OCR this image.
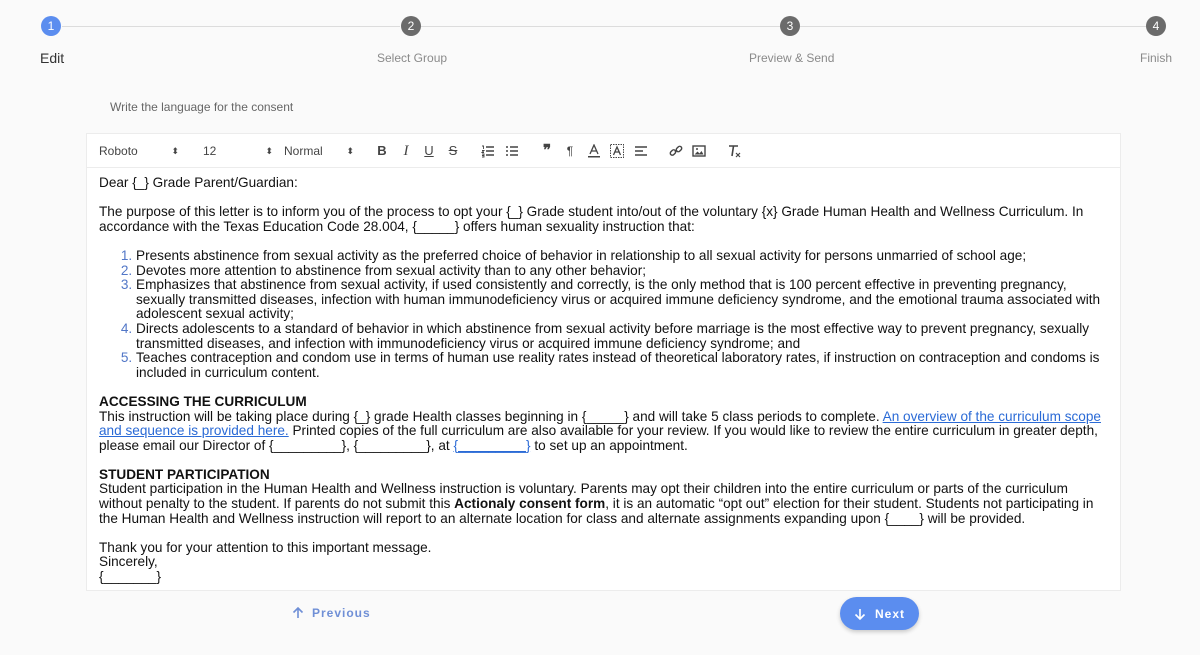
1	2	3	4
Edit	Select Group	Preview & Send	Finish
Write the language for the consent
Roboto	⬍ 12	⬍ Normal	⬍	B	I	U	S	❞	¶

Dear {_} Grade Parent/Guardian:

The purpose of this letter is to inform you of the process to opt your {_} Grade student into/out of the voluntary {x} Grade Human Health and Wellness Curriculum. In accordance with the Texas Education Code 28.004, {_____} offers human sexuality instruction that:

1. Presents abstinence from sexual activity as the preferred choice of behavior in relationship to all sexual activity for persons unmarried of school age;
2. Devotes more attention to abstinence from sexual activity than to any other behavior;
3. Emphasizes that abstinence from sexual activity, if used consistently and correctly, is the only method that is 100 percent effective in preventing pregnancy, sexually transmitted diseases, infection with human immunodeficiency virus or acquired immune deficiency syndrome, and the emotional trauma associated with adolescent sexual activity;
4. Directs adolescents to a standard of behavior in which abstinence from sexual activity before marriage is the most effective way to prevent pregnancy, sexually transmitted diseases, and infection with immunodeficiency virus or acquired immune deficiency syndrome; and
5. Teaches contraception and condom use in terms of human use reality rates instead of theoretical laboratory rates, if instruction on contraception and condoms is included in curriculum content.

ACCESSING THE CURRICULUM

This instruction will be taking place during {_} grade Health classes beginning in {_____} and will take 5 class periods to complete. An overview of the curriculum scope and sequence is provided here. Printed copies of the full curriculum are also available for your review. If you would like to review the entire curriculum in greater depth, please email our Director of {_________}, {_________}, at {_________} to set up an appointment.

STUDENT PARTICIPATION

Student participation in the Human Health and Wellness instruction is voluntary. Parents may opt their children into the entire curriculum or parts of the curriculum without penalty to the student. If parents do not submit this Actionaly consent form, it is an automatic “opt out” election for their student. Students not participating in the Human Health and Wellness instruction will report to an alternate location for class and alternate assignments expanding upon {____} will be provided.

Thank you for your attention to this important message.

Sincerely,

{_______}

Previous	Next
